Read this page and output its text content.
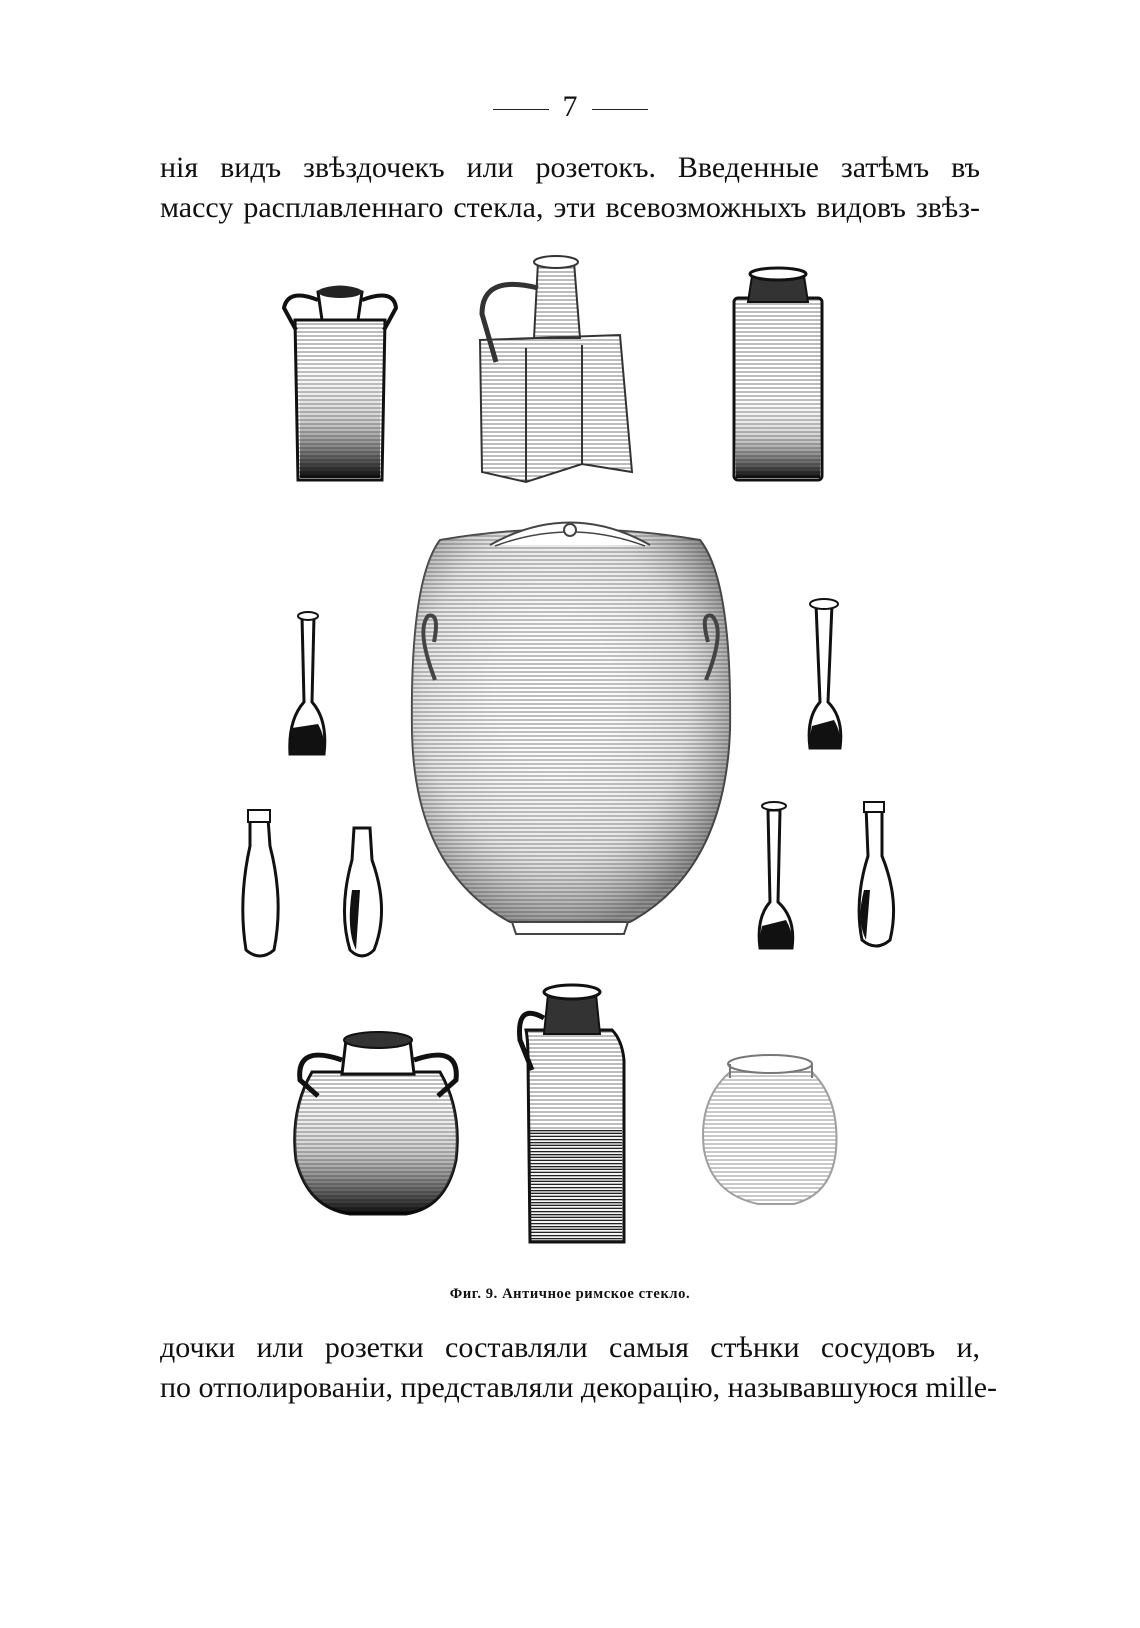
7
нія видъ звѣздочекъ или розетокъ. Введенные затѣмъ въ
массу расплавленнаго стекла, эти всевозможныхъ видовъ звѣз-
Фиг. 9. Античное римское стекло.
дочки или розетки составляли самыя стѣнки сосудовъ и,
по отполированіи, представляли декорацію, называвшуюся mille-
